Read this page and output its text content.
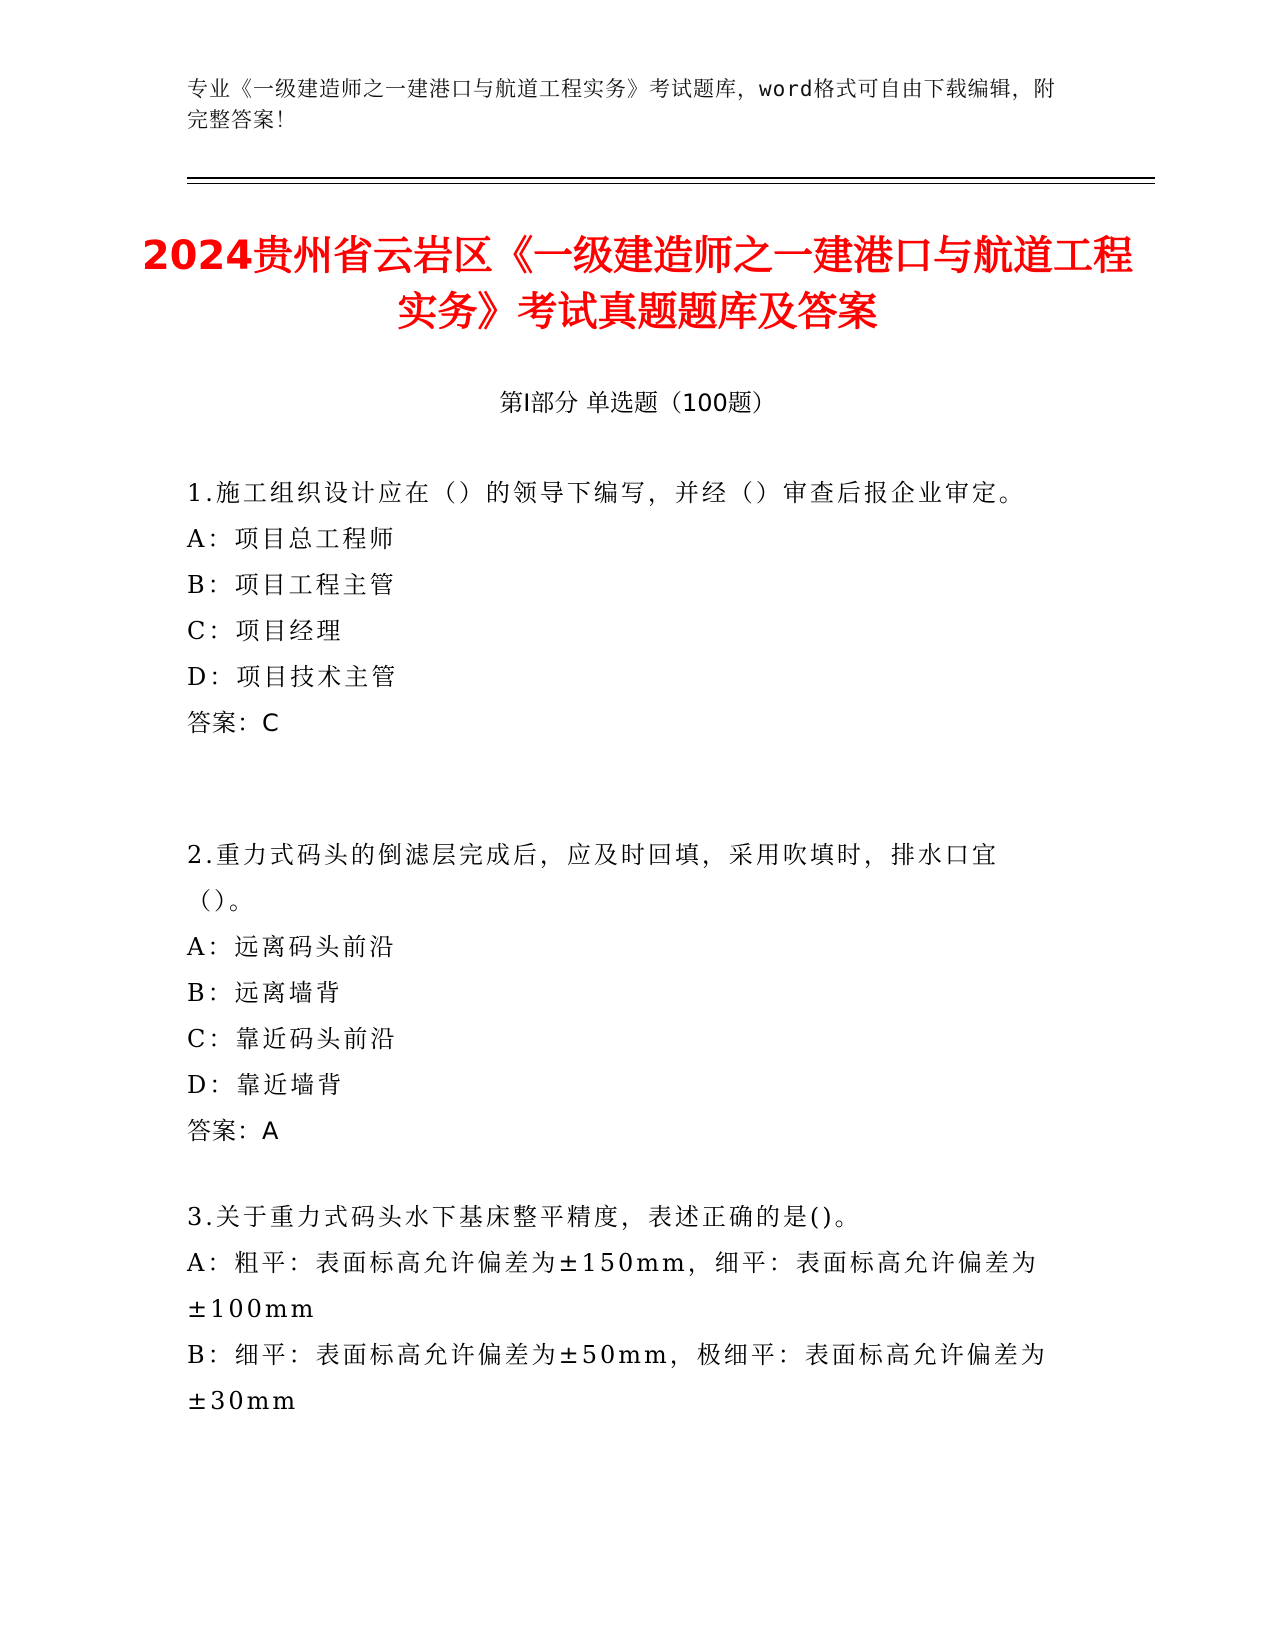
专业《一级建造师之一建港口与航道工程实务》考试题库，word格式可自由下载编辑，附完整答案！
2024贵州省云岩区《一级建造师之一建港口与航道工程实务》考试真题题库及答案
第Ⅰ部分 单选题（100题）

1.施工组织设计应在（）的领导下编写，并经（）审查后报企业审定。

A：项目总工程师

B：项目工程主管

C：项目经理

D：项目技术主管

答案：C

2.重力式码头的倒滤层完成后，应及时回填，采用吹填时，排水口宜（）。

A：远离码头前沿

B：远离墙背

C：靠近码头前沿

D：靠近墙背

答案：A

3.关于重力式码头水下基床整平精度，表述正确的是()。

A：粗平：表面标高允许偏差为±150mm，细平：表面标高允许偏差为±100mm

B：细平：表面标高允许偏差为±50mm，极细平：表面标高允许偏差为±30mm
